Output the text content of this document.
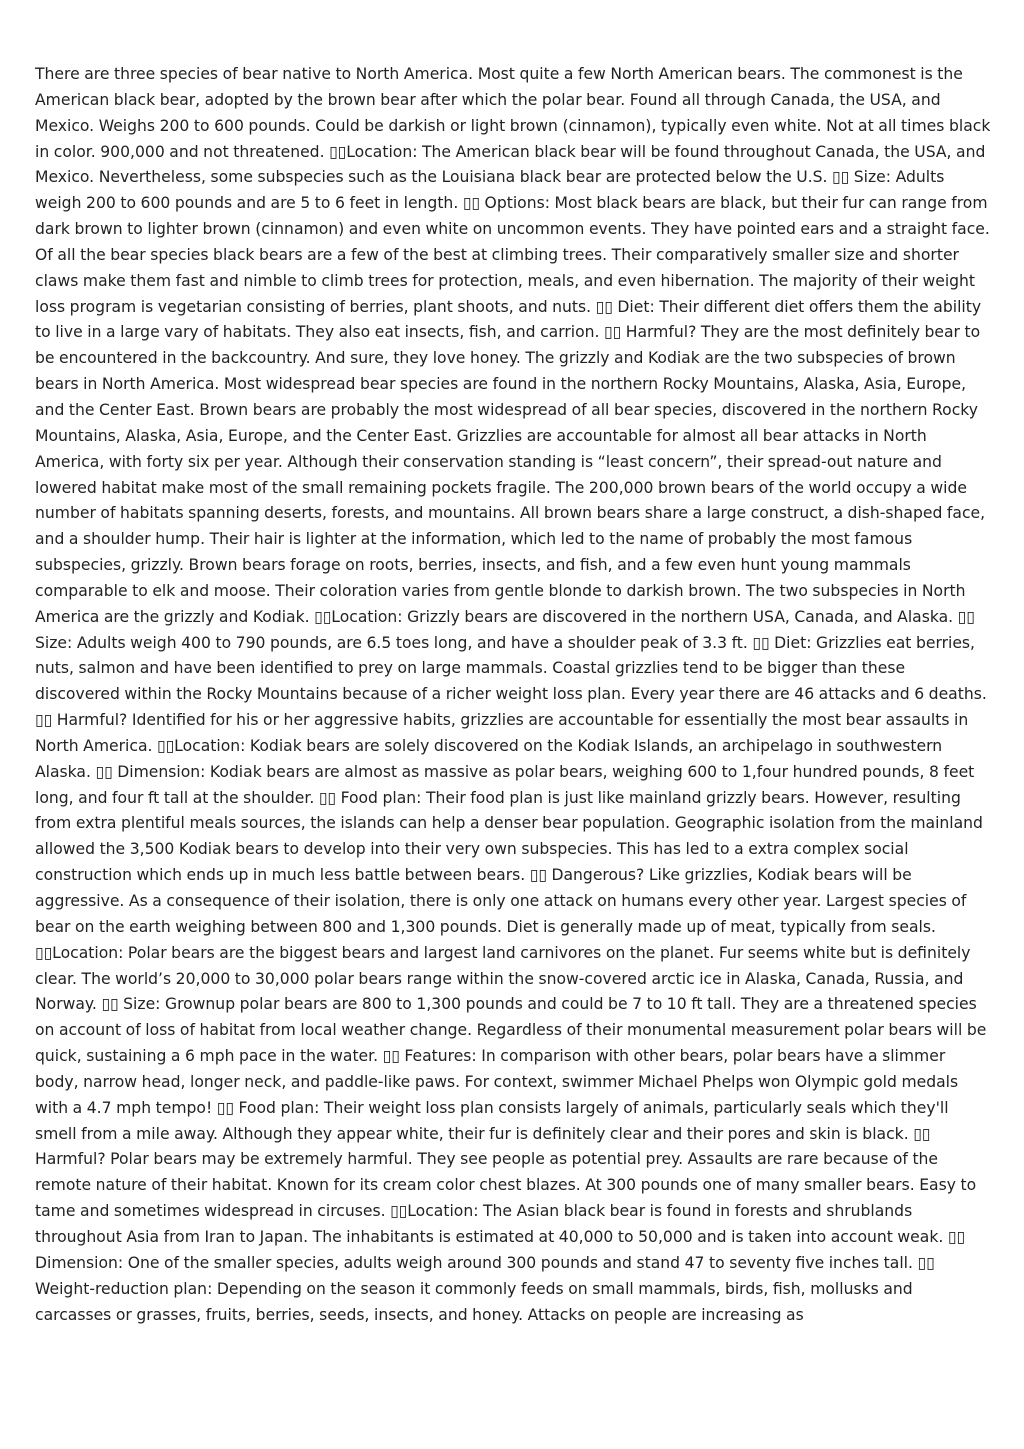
There are three species of bear native to North America. Most quite a few North American bears. The commonest is the American black bear, adopted by the brown bear after which the polar bear. Found all through Canada, the USA, and Mexico. Weighs 200 to 600 pounds. Could be darkish or light brown (cinnamon), typically even white. Not at all times black in color. 900,000 and not threatened. ▯▯Location: The American black bear will be found throughout Canada, the USA, and Mexico. Nevertheless, some subspecies such as the Louisiana black bear are protected below the U.S. ▯▯ Size: Adults weigh 200 to 600 pounds and are 5 to 6 feet in length. ▯▯ Options: Most black bears are black, but their fur can range from dark brown to lighter brown (cinnamon) and even white on uncommon events. They have pointed ears and a straight face. Of all the bear species black bears are a few of the best at climbing trees. Their comparatively smaller size and shorter claws make them fast and nimble to climb trees for protection, meals, and even hibernation. The majority of their weight loss program is vegetarian consisting of berries, plant shoots, and nuts. ▯▯ Diet: Their different diet offers them the ability to live in a large vary of habitats. They also eat insects, fish, and carrion. ▯▯ Harmful? They are the most definitely bear to be encountered in the backcountry. And sure, they love honey. The grizzly and Kodiak are the two subspecies of brown bears in North America. Most widespread bear species are found in the northern Rocky Mountains, Alaska, Asia, Europe, and the Center East. Brown bears are probably the most widespread of all bear species, discovered in the northern Rocky Mountains, Alaska, Asia, Europe, and the Center East. Grizzlies are accountable for almost all bear attacks in North America, with forty six per year. Although their conservation standing is “least concern”, their spread-out nature and lowered habitat make most of the small remaining pockets fragile. The 200,000 brown bears of the world occupy a wide number of habitats spanning deserts, forests, and mountains. All brown bears share a large construct, a dish-shaped face, and a shoulder hump. Their hair is lighter at the information, which led to the name of probably the most famous subspecies, grizzly. Brown bears forage on roots, berries, insects, and fish, and a few even hunt young mammals comparable to elk and moose. Their coloration varies from gentle blonde to darkish brown. The two subspecies in North America are the grizzly and Kodiak. ▯▯Location: Grizzly bears are discovered in the northern USA, Canada, and Alaska. ▯▯ Size: Adults weigh 400 to 790 pounds, are 6.5 toes long, and have a shoulder peak of 3.3 ft. ▯▯ Diet: Grizzlies eat berries, nuts, salmon and have been identified to prey on large mammals. Coastal grizzlies tend to be bigger than these discovered within the Rocky Mountains because of a richer weight loss plan. Every year there are 46 attacks and 6 deaths. ▯▯ Harmful? Identified for his or her aggressive habits, grizzlies are accountable for essentially the most bear assaults in North America. ▯▯Location: Kodiak bears are solely discovered on the Kodiak Islands, an archipelago in southwestern Alaska. ▯▯ Dimension: Kodiak bears are almost as massive as polar bears, weighing 600 to 1,four hundred pounds, 8 feet long, and four ft tall at the shoulder. ▯▯ Food plan: Their food plan is just like mainland grizzly bears. However, resulting from extra plentiful meals sources, the islands can help a denser bear population. Geographic isolation from the mainland allowed the 3,500 Kodiak bears to develop into their very own subspecies. This has led to a extra complex social construction which ends up in much less battle between bears. ▯▯ Dangerous? Like grizzlies, Kodiak bears will be aggressive. As a consequence of their isolation, there is only one attack on humans every other year. Largest species of bear on the earth weighing between 800 and 1,300 pounds. Diet is generally made up of meat, typically from seals. ▯▯Location: Polar bears are the biggest bears and largest land carnivores on the planet. Fur seems white but is definitely clear. The world’s 20,000 to 30,000 polar bears range within the snow-covered arctic ice in Alaska, Canada, Russia, and Norway. ▯▯ Size: Grownup polar bears are 800 to 1,300 pounds and could be 7 to 10 ft tall. They are a threatened species on account of loss of habitat from local weather change. Regardless of their monumental measurement polar bears will be quick, sustaining a 6 mph pace in the water. ▯▯ Features: In comparison with other bears, polar bears have a slimmer body, narrow head, longer neck, and paddle-like paws. For context, swimmer Michael Phelps won Olympic gold medals with a 4.7 mph tempo! ▯▯ Food plan: Their weight loss plan consists largely of animals, particularly seals which they'll smell from a mile away. Although they appear white, their fur is definitely clear and their pores and skin is black. ▯▯ Harmful? Polar bears may be extremely harmful. They see people as potential prey. Assaults are rare because of the remote nature of their habitat. Known for its cream color chest blazes. At 300 pounds one of many smaller bears. Easy to tame and sometimes widespread in circuses. ▯▯Location: The Asian black bear is found in forests and shrublands throughout Asia from Iran to Japan. The inhabitants is estimated at 40,000 to 50,000 and is taken into account weak. ▯▯ Dimension: One of the smaller species, adults weigh around 300 pounds and stand 47 to seventy five inches tall. ▯▯ Weight-reduction plan: Depending on the season it commonly feeds on small mammals, birds, fish, mollusks and carcasses or grasses, fruits, berries, seeds, insects, and honey. Attacks on people are increasing as
